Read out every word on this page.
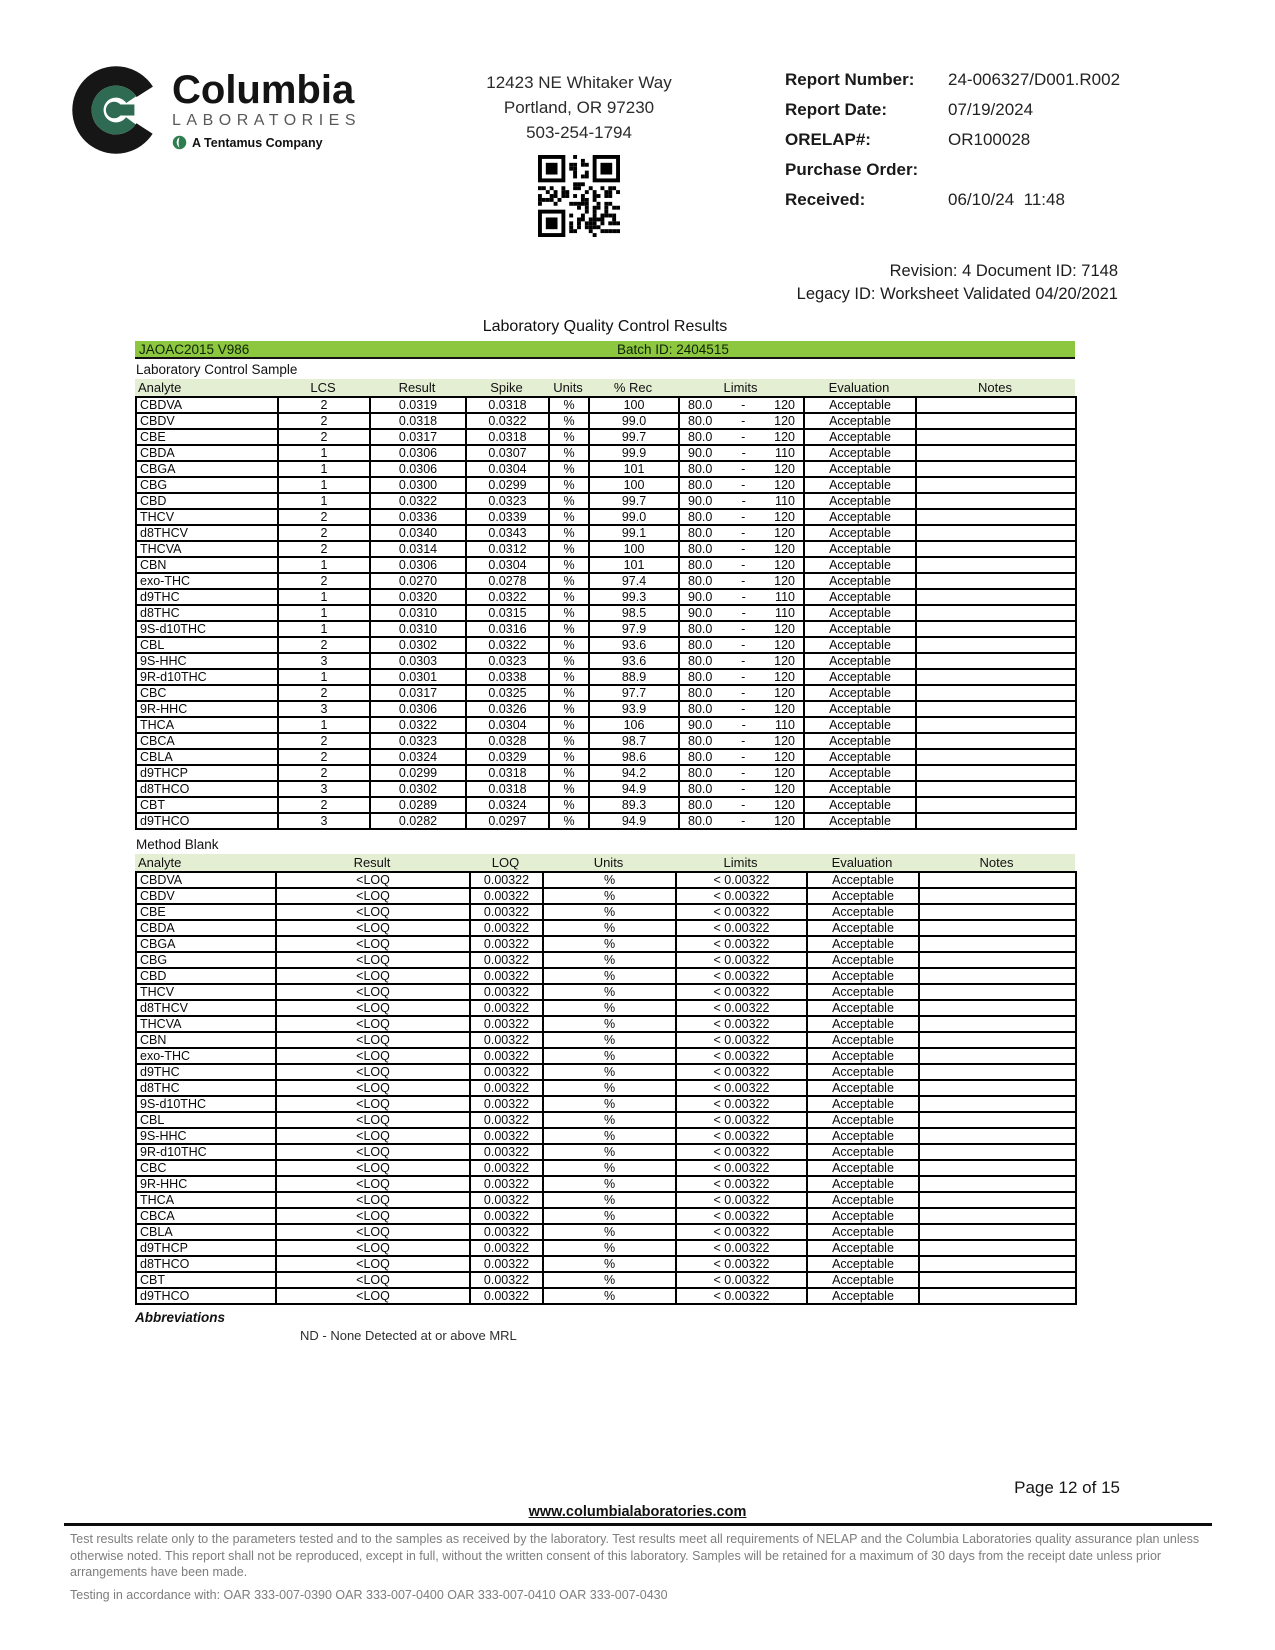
Columbia
LABORATORIES
A Tentamus Company
12423 NE Whitaker Way
Portland, OR 97230
503-254-1794
Report Number:	24-006327/D001.R002
Report Date:	07/19/2024
ORELAP#:	OR100028
Purchase Order:
Received:	06/10/24  11:48
Revision: 4 Document ID: 7148
Legacy ID: Worksheet Validated 04/20/2021
Laboratory Quality Control Results
JAOAC2015 V986	Batch ID: 2404515
Laboratory Control Sample
Analyte	LCS	Result	Spike	Units	% Rec	Limits	Evaluation	Notes
CBDVA	2	0.0319	0.0318	%	100	80.0 - 120	Acceptable	
CBDV	2	0.0318	0.0322	%	99.0	80.0 - 120	Acceptable	
CBE	2	0.0317	0.0318	%	99.7	80.0 - 120	Acceptable	
CBDA	1	0.0306	0.0307	%	99.9	90.0 - 110	Acceptable	
CBGA	1	0.0306	0.0304	%	101	80.0 - 120	Acceptable	
CBG	1	0.0300	0.0299	%	100	80.0 - 120	Acceptable	
CBD	1	0.0322	0.0323	%	99.7	90.0 - 110	Acceptable	
THCV	2	0.0336	0.0339	%	99.0	80.0 - 120	Acceptable	
d8THCV	2	0.0340	0.0343	%	99.1	80.0 - 120	Acceptable	
THCVA	2	0.0314	0.0312	%	100	80.0 - 120	Acceptable	
CBN	1	0.0306	0.0304	%	101	80.0 - 120	Acceptable	
exo-THC	2	0.0270	0.0278	%	97.4	80.0 - 120	Acceptable	
d9THC	1	0.0320	0.0322	%	99.3	90.0 - 110	Acceptable	
d8THC	1	0.0310	0.0315	%	98.5	90.0 - 110	Acceptable	
9S-d10THC	1	0.0310	0.0316	%	97.9	80.0 - 120	Acceptable	
CBL	2	0.0302	0.0322	%	93.6	80.0 - 120	Acceptable	
9S-HHC	3	0.0303	0.0323	%	93.6	80.0 - 120	Acceptable	
9R-d10THC	1	0.0301	0.0338	%	88.9	80.0 - 120	Acceptable	
CBC	2	0.0317	0.0325	%	97.7	80.0 - 120	Acceptable	
9R-HHC	3	0.0306	0.0326	%	93.9	80.0 - 120	Acceptable	
THCA	1	0.0322	0.0304	%	106	90.0 - 110	Acceptable	
CBCA	2	0.0323	0.0328	%	98.7	80.0 - 120	Acceptable	
CBLA	2	0.0324	0.0329	%	98.6	80.0 - 120	Acceptable	
d9THCP	2	0.0299	0.0318	%	94.2	80.0 - 120	Acceptable	
d8THCO	3	0.0302	0.0318	%	94.9	80.0 - 120	Acceptable	
CBT	2	0.0289	0.0324	%	89.3	80.0 - 120	Acceptable	
d9THCO	3	0.0282	0.0297	%	94.9	80.0 - 120	Acceptable	
Method Blank
Analyte	Result	LOQ	Units	Limits	Evaluation	Notes
CBDVA	<LOQ	0.00322	%	< 0.00322	Acceptable	
CBDV	<LOQ	0.00322	%	< 0.00322	Acceptable	
CBE	<LOQ	0.00322	%	< 0.00322	Acceptable	
CBDA	<LOQ	0.00322	%	< 0.00322	Acceptable	
CBGA	<LOQ	0.00322	%	< 0.00322	Acceptable	
CBG	<LOQ	0.00322	%	< 0.00322	Acceptable	
CBD	<LOQ	0.00322	%	< 0.00322	Acceptable	
THCV	<LOQ	0.00322	%	< 0.00322	Acceptable	
d8THCV	<LOQ	0.00322	%	< 0.00322	Acceptable	
THCVA	<LOQ	0.00322	%	< 0.00322	Acceptable	
CBN	<LOQ	0.00322	%	< 0.00322	Acceptable	
exo-THC	<LOQ	0.00322	%	< 0.00322	Acceptable	
d9THC	<LOQ	0.00322	%	< 0.00322	Acceptable	
d8THC	<LOQ	0.00322	%	< 0.00322	Acceptable	
9S-d10THC	<LOQ	0.00322	%	< 0.00322	Acceptable	
CBL	<LOQ	0.00322	%	< 0.00322	Acceptable	
9S-HHC	<LOQ	0.00322	%	< 0.00322	Acceptable	
9R-d10THC	<LOQ	0.00322	%	< 0.00322	Acceptable	
CBC	<LOQ	0.00322	%	< 0.00322	Acceptable	
9R-HHC	<LOQ	0.00322	%	< 0.00322	Acceptable	
THCA	<LOQ	0.00322	%	< 0.00322	Acceptable	
CBCA	<LOQ	0.00322	%	< 0.00322	Acceptable	
CBLA	<LOQ	0.00322	%	< 0.00322	Acceptable	
d9THCP	<LOQ	0.00322	%	< 0.00322	Acceptable	
d8THCO	<LOQ	0.00322	%	< 0.00322	Acceptable	
CBT	<LOQ	0.00322	%	< 0.00322	Acceptable	
d9THCO	<LOQ	0.00322	%	< 0.00322	Acceptable	
Abbreviations
ND - None Detected at or above MRL
Page 12 of 15
www.columbialaboratories.com
Test results relate only to the parameters tested and to the samples as received by the laboratory. Test results meet all requirements of NELAP and the Columbia Laboratories quality assurance plan unless otherwise noted. This report shall not be reproduced, except in full, without the written consent of this laboratory. Samples will be retained for a maximum of 30 days from the receipt date unless prior arrangements have been made.
Testing in accordance with: OAR 333-007-0390 OAR 333-007-0400 OAR 333-007-0410 OAR 333-007-0430
